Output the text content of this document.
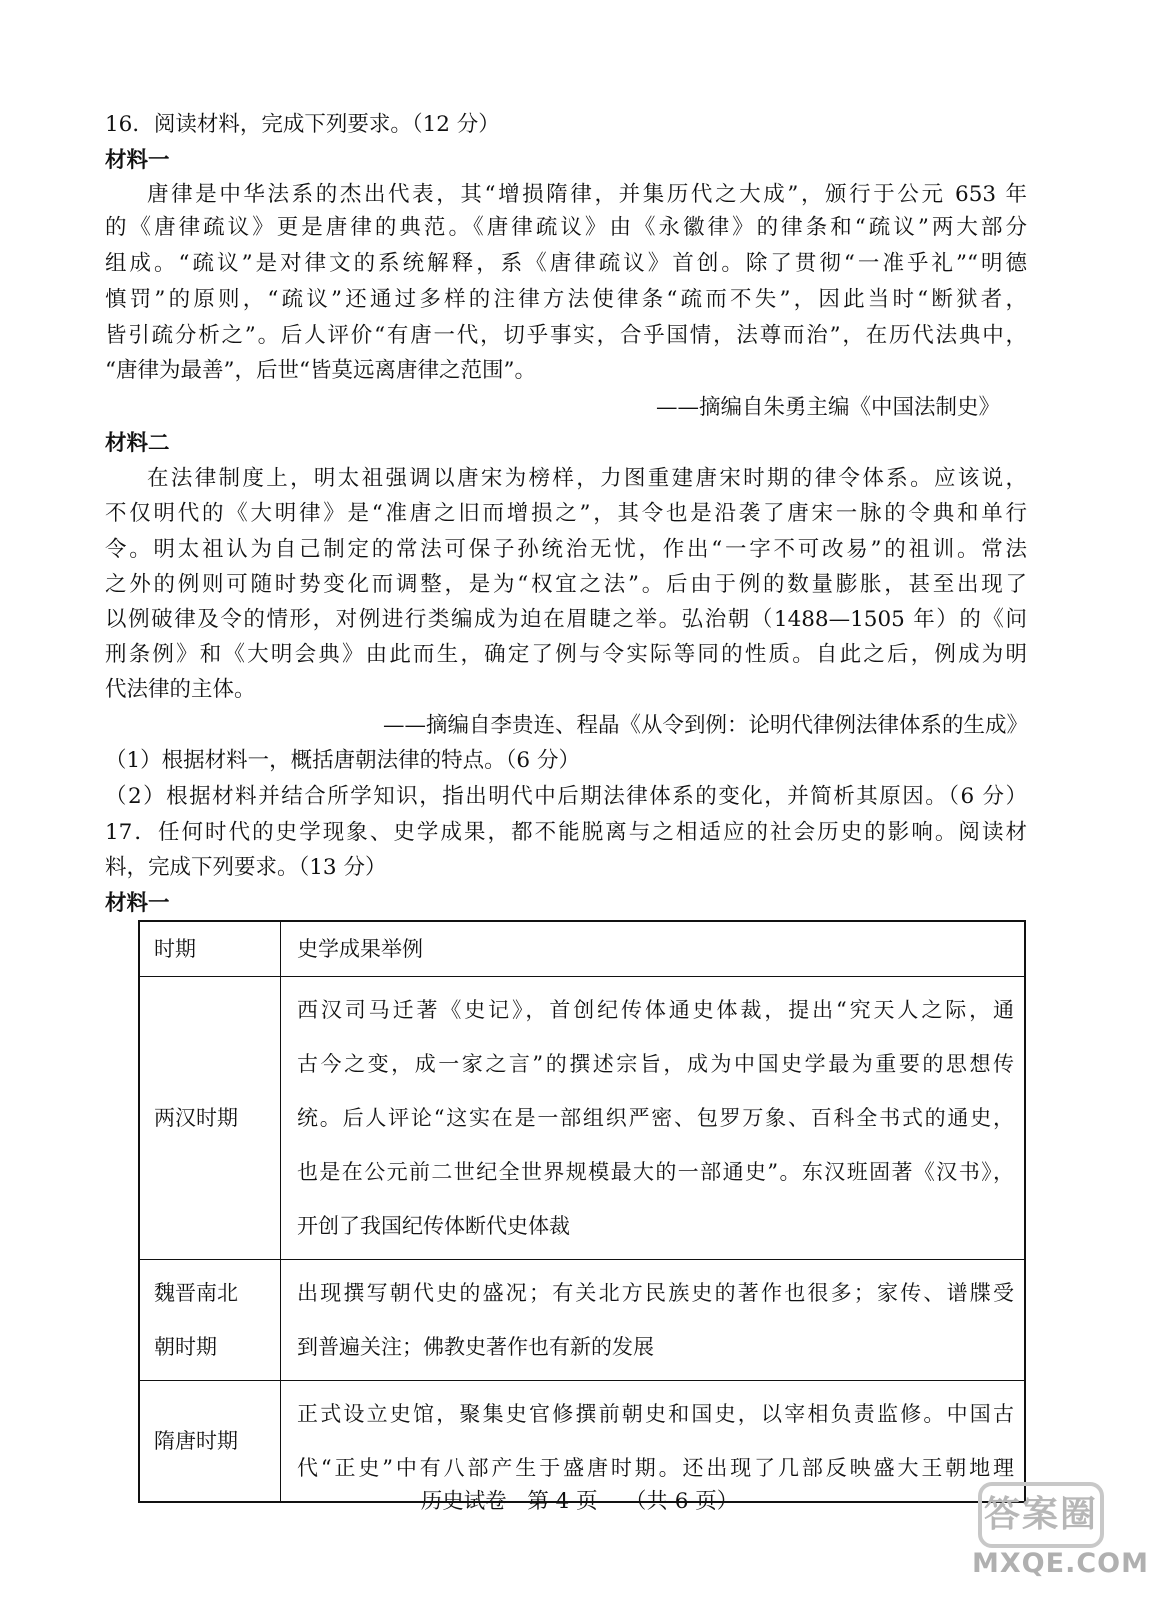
16．阅读材料，完成下列要求。（12 分）
材料一
唐律是中华法系的杰出代表，其“增损隋律，并集历代之大成”，颁行于公元 653 年
的《唐律疏议》更是唐律的典范。《唐律疏议》由《永徽律》的律条和“疏议”两大部分
组成。“疏议”是对律文的系统解释，系《唐律疏议》首创。除了贯彻“一准乎礼”“明德
慎罚”的原则，“疏议”还通过多样的注律方法使律条“疏而不失”，因此当时“断狱者，
皆引疏分析之”。后人评价“有唐一代，切乎事实，合乎国情，法尊而治”，在历代法典中，
“唐律为最善”，后世“皆莫远离唐律之范围”。
——摘编自朱勇主编《中国法制史》
材料二
在法律制度上，明太祖强调以唐宋为榜样，力图重建唐宋时期的律令体系。应该说，
不仅明代的《大明律》是“准唐之旧而增损之”，其令也是沿袭了唐宋一脉的令典和单行
令。明太祖认为自己制定的常法可保子孙统治无忧，作出“一字不可改易”的祖训。常法
之外的例则可随时势变化而调整，是为“权宜之法”。后由于例的数量膨胀，甚至出现了
以例破律及令的情形，对例进行类编成为迫在眉睫之举。弘治朝（1488—1505 年）的《问
刑条例》和《大明会典》由此而生，确定了例与令实际等同的性质。自此之后，例成为明
代法律的主体。
——摘编自李贵连、程晶《从令到例：论明代律例法律体系的生成》
（1）根据材料一，概括唐朝法律的特点。（6 分）
（2）根据材料并结合所学知识，指出明代中后期法律体系的变化，并简析其原因。（6 分）
17．任何时代的史学现象、史学成果，都不能脱离与之相适应的社会历史的影响。阅读材
料，完成下列要求。（13 分）
材料一
时期	史学成果举例
两汉时期	西汉司马迁著《史记》，首创纪传体通史体裁，提出“究天人之际，通
古今之变，成一家之言”的撰述宗旨，成为中国史学最为重要的思想传
统。后人评论“这实在是一部组织严密、包罗万象、百科全书式的通史，
也是在公元前二世纪全世界规模最大的一部通史”。东汉班固著《汉书》，
开创了我国纪传体断代史体裁

魏晋南北
朝时期	出现撰写朝代史的盛况；有关北方民族史的著作也很多；家传、谱牒受
到普遍关注；佛教史著作也有新的发展

隋唐时期	正式设立史馆，聚集史官修撰前朝史和国史，以宰相负责监修。中国古
代“正史”中有八部产生于盛唐时期。还出现了几部反映盛大王朝地理
历史试卷   第 4 页    （共 6 页）	答案圈
MXQE.COM
